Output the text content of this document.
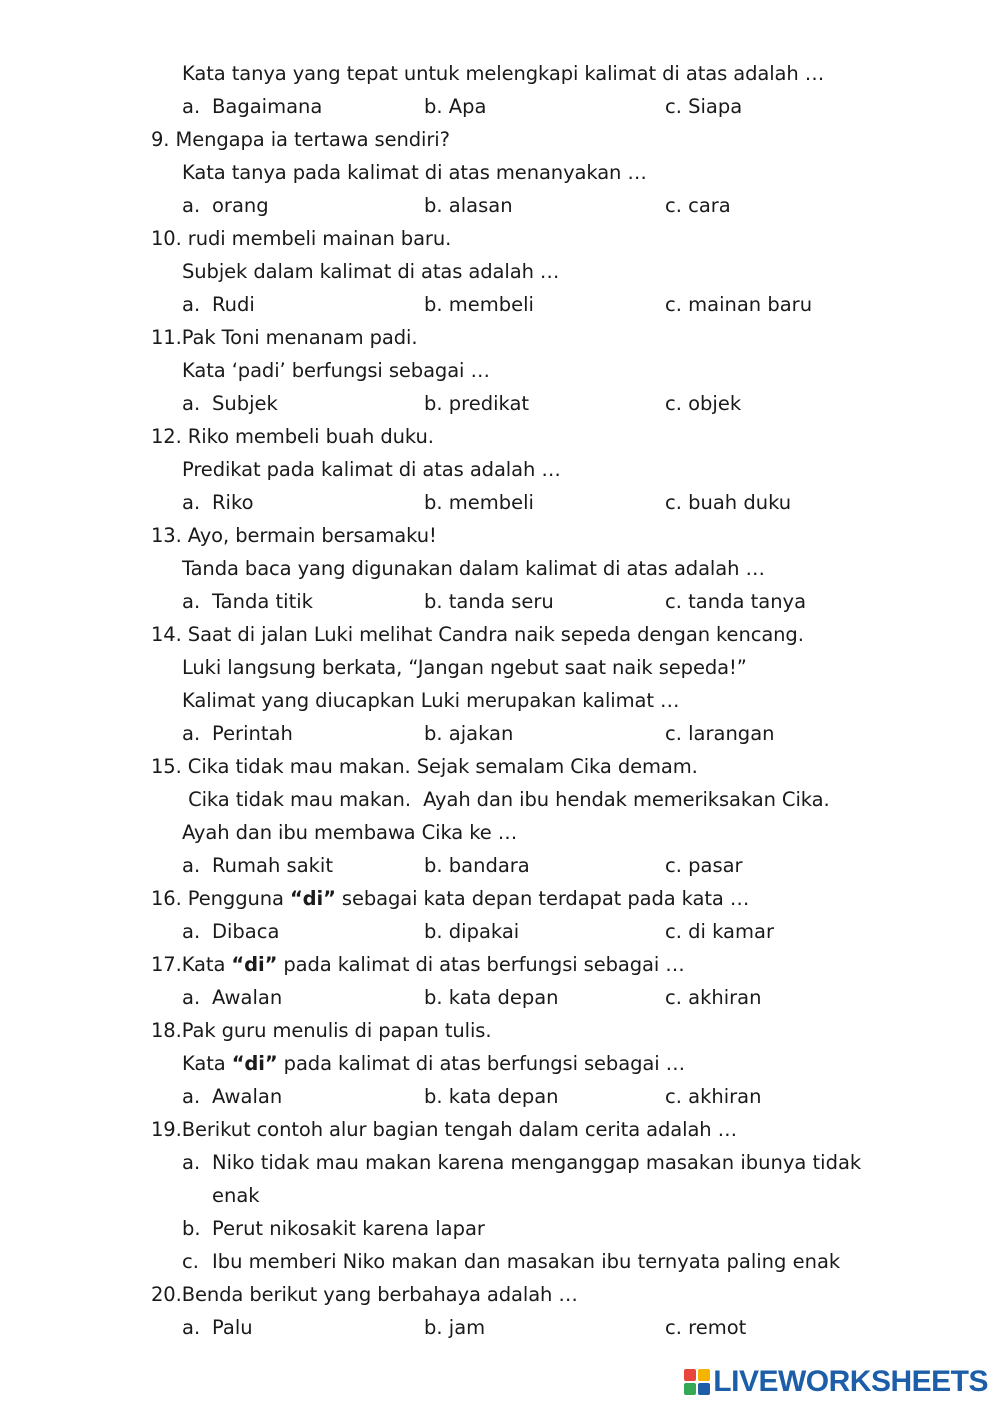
Kata tanya yang tepat untuk melengkapi kalimat di atas adalah …
a. Bagaimana	b. Apa	c. Siapa
9. Mengapa ia tertawa sendiri?
Kata tanya pada kalimat di atas menanyakan …
a. orang	b. alasan	c. cara
10. rudi membeli mainan baru.
Subjek dalam kalimat di atas adalah …
a. Rudi	b. membeli	c. mainan baru
11.Pak Toni menanam padi.
Kata ‘padi’ berfungsi sebagai …
a. Subjek	b. predikat	c. objek
12. Riko membeli buah duku.
Predikat pada kalimat di atas adalah …
a. Riko	b. membeli	c. buah duku
13. Ayo, bermain bersamaku!
Tanda baca yang digunakan dalam kalimat di atas adalah …
a. Tanda titik	b. tanda seru	c. tanda tanya
14. Saat di jalan Luki melihat Candra naik sepeda dengan kencang.
Luki langsung berkata, “Jangan ngebut saat naik sepeda!”
Kalimat yang diucapkan Luki merupakan kalimat …
a. Perintah	b. ajakan	c. larangan
15. Cika tidak mau makan. Sejak semalam Cika demam.
Cika tidak mau makan.  Ayah dan ibu hendak memeriksakan Cika.
Ayah dan ibu membawa Cika ke …
a. Rumah sakit	b. bandara	c. pasar
16. Pengguna “di” sebagai kata depan terdapat pada kata …
a. Dibaca	b. dipakai	c. di kamar
17.Kata “di” pada kalimat di atas berfungsi sebagai …
a. Awalan	b. kata depan	c. akhiran
18.Pak guru menulis di papan tulis.
Kata “di” pada kalimat di atas berfungsi sebagai …
a. Awalan	b. kata depan	c. akhiran
19.Berikut contoh alur bagian tengah dalam cerita adalah …
a. Niko tidak mau makan karena menganggap masakan ibunya tidak
enak
b. Perut nikosakit karena lapar
c. Ibu memberi Niko makan dan masakan ibu ternyata paling enak
20.Benda berikut yang berbahaya adalah …
a. Palu	b. jam	c. remot
LIVEWORKSHEETS
